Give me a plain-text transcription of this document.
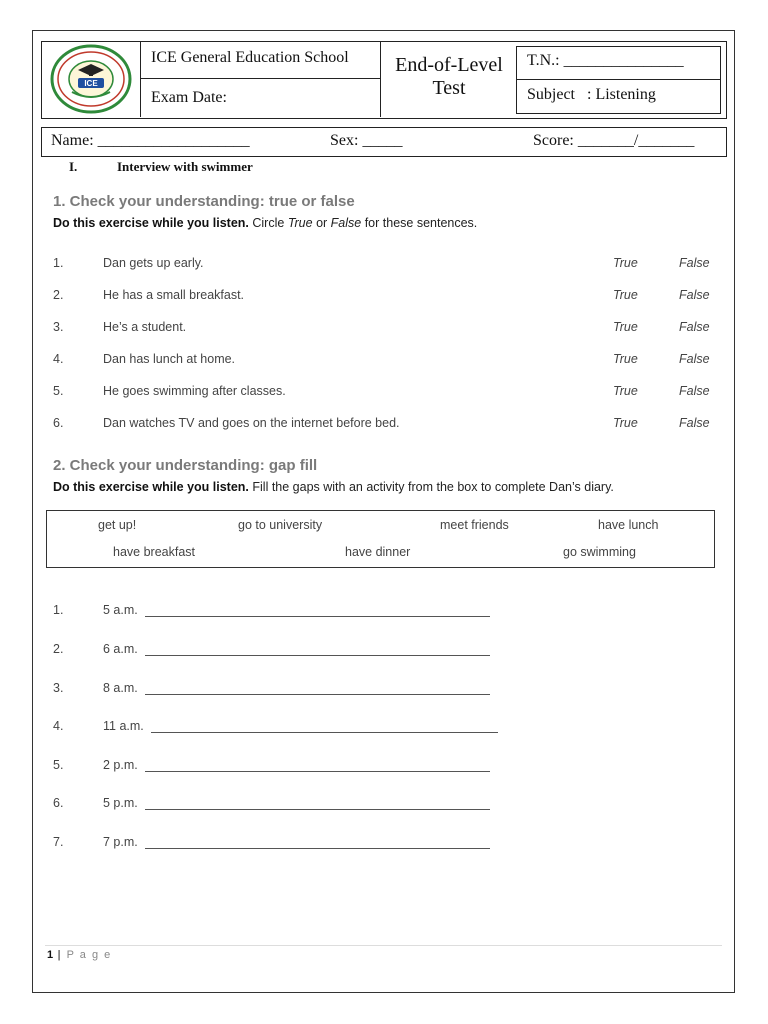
ICE
ICE General Education School
Exam Date:
End-of-Level
Test
T.N.: _______________
Subject   : Listening
Name: ___________________	Sex: _____	Score: _______/_______
I.	Interview with swimmer
1. Check your understanding: true or false
Do this exercise while you listen. Circle True or False for these sentences.
1.	Dan gets up early.	True	False
2.	He has a small breakfast.	True	False
3.	He’s a student.	True	False
4.	Dan has lunch at home.	True	False
5.	He goes swimming after classes.	True	False
6.	Dan watches TV and goes on the internet before bed.	True	False
2. Check your understanding: gap fill
Do this exercise while you listen. Fill the gaps with an activity from the box to complete Dan’s diary.
get up!	go to university	meet friends	have lunch
have breakfast	have dinner	go swimming
1.	5 a.m.
2.	6 a.m.
3.	8 a.m.
4.	11 a.m.
5.	2 p.m.
6.	5 p.m.
7.	7 p.m.
1 | P a g e
